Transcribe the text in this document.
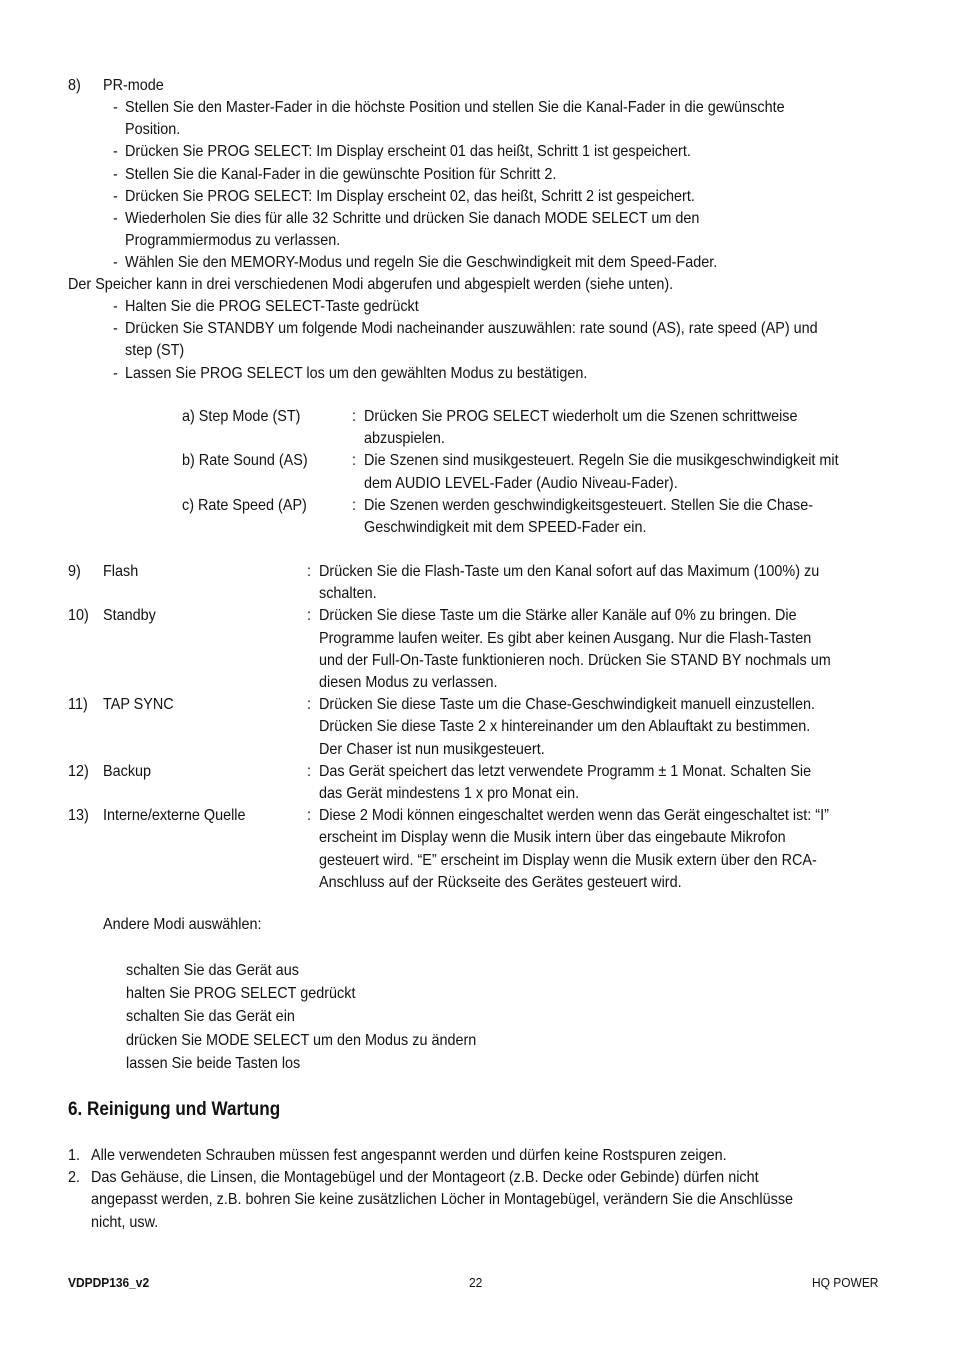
8) PR-mode
- Stellen Sie den Master-Fader in die höchste Position und stellen Sie die Kanal-Fader in die gewünschte
Position.
- Drücken Sie PROG SELECT: Im Display erscheint 01 das heißt, Schritt 1 ist gespeichert.
- Stellen Sie die Kanal-Fader in die gewünschte Position für Schritt 2.
- Drücken Sie PROG SELECT: Im Display erscheint 02, das heißt, Schritt 2 ist gespeichert.
- Wiederholen Sie dies für alle 32 Schritte und drücken Sie danach MODE SELECT um den
Programmiermodus zu verlassen.
- Wählen Sie den MEMORY-Modus und regeln Sie die Geschwindigkeit mit dem Speed-Fader.
Der Speicher kann in drei verschiedenen Modi abgerufen und abgespielt werden (siehe unten).
- Halten Sie die PROG SELECT-Taste gedrückt
- Drücken Sie STANDBY um folgende Modi nacheinander auszuwählen: rate sound (AS), rate speed (AP) und
step (ST)
- Lassen Sie PROG SELECT los um den gewählten Modus zu bestätigen.
a) Step Mode (ST)	: Drücken Sie PROG SELECT wiederholt um die Szenen schrittweise
abzuspielen.
b) Rate Sound (AS)	: Die Szenen sind musikgesteuert. Regeln Sie die musikgeschwindigkeit mit
dem AUDIO LEVEL-Fader (Audio Niveau-Fader).
c) Rate Speed (AP)	: Die Szenen werden geschwindigkeitsgesteuert. Stellen Sie die Chase-
Geschwindigkeit mit dem SPEED-Fader ein.
9) Flash	: Drücken Sie die Flash-Taste um den Kanal sofort auf das Maximum (100%) zu
schalten.
10) Standby	: Drücken Sie diese Taste um die Stärke aller Kanäle auf 0% zu bringen. Die
Programme laufen weiter. Es gibt aber keinen Ausgang. Nur die Flash-Tasten
und der Full-On-Taste funktionieren noch. Drücken Sie STAND BY nochmals um
diesen Modus zu verlassen.
11) TAP SYNC	: Drücken Sie diese Taste um die Chase-Geschwindigkeit manuell einzustellen.
Drücken Sie diese Taste 2 x hintereinander um den Ablauftakt zu bestimmen.
Der Chaser ist nun musikgesteuert.
12) Backup	: Das Gerät speichert das letzt verwendete Programm ± 1 Monat. Schalten Sie
das Gerät mindestens 1 x pro Monat ein.
13) Interne/externe Quelle	: Diese 2 Modi können eingeschaltet werden wenn das Gerät eingeschaltet ist: “I”
erscheint im Display wenn die Musik intern über das eingebaute Mikrofon
gesteuert wird. “E” erscheint im Display wenn die Musik extern über den RCA-
Anschluss auf der Rückseite des Gerätes gesteuert wird.
Andere Modi auswählen:
schalten Sie das Gerät aus
halten Sie PROG SELECT gedrückt
schalten Sie das Gerät ein
drücken Sie MODE SELECT um den Modus zu ändern
lassen Sie beide Tasten los
6. Reinigung und Wartung
1. Alle verwendeten Schrauben müssen fest angespannt werden und dürfen keine Rostspuren zeigen.
2. Das Gehäuse, die Linsen, die Montagebügel und der Montageort (z.B. Decke oder Gebinde) dürfen nicht
angepasst werden, z.B. bohren Sie keine zusätzlichen Löcher in Montagebügel, verändern Sie die Anschlüsse
nicht, usw.
VDPDP136_v2	22	HQ POWER
